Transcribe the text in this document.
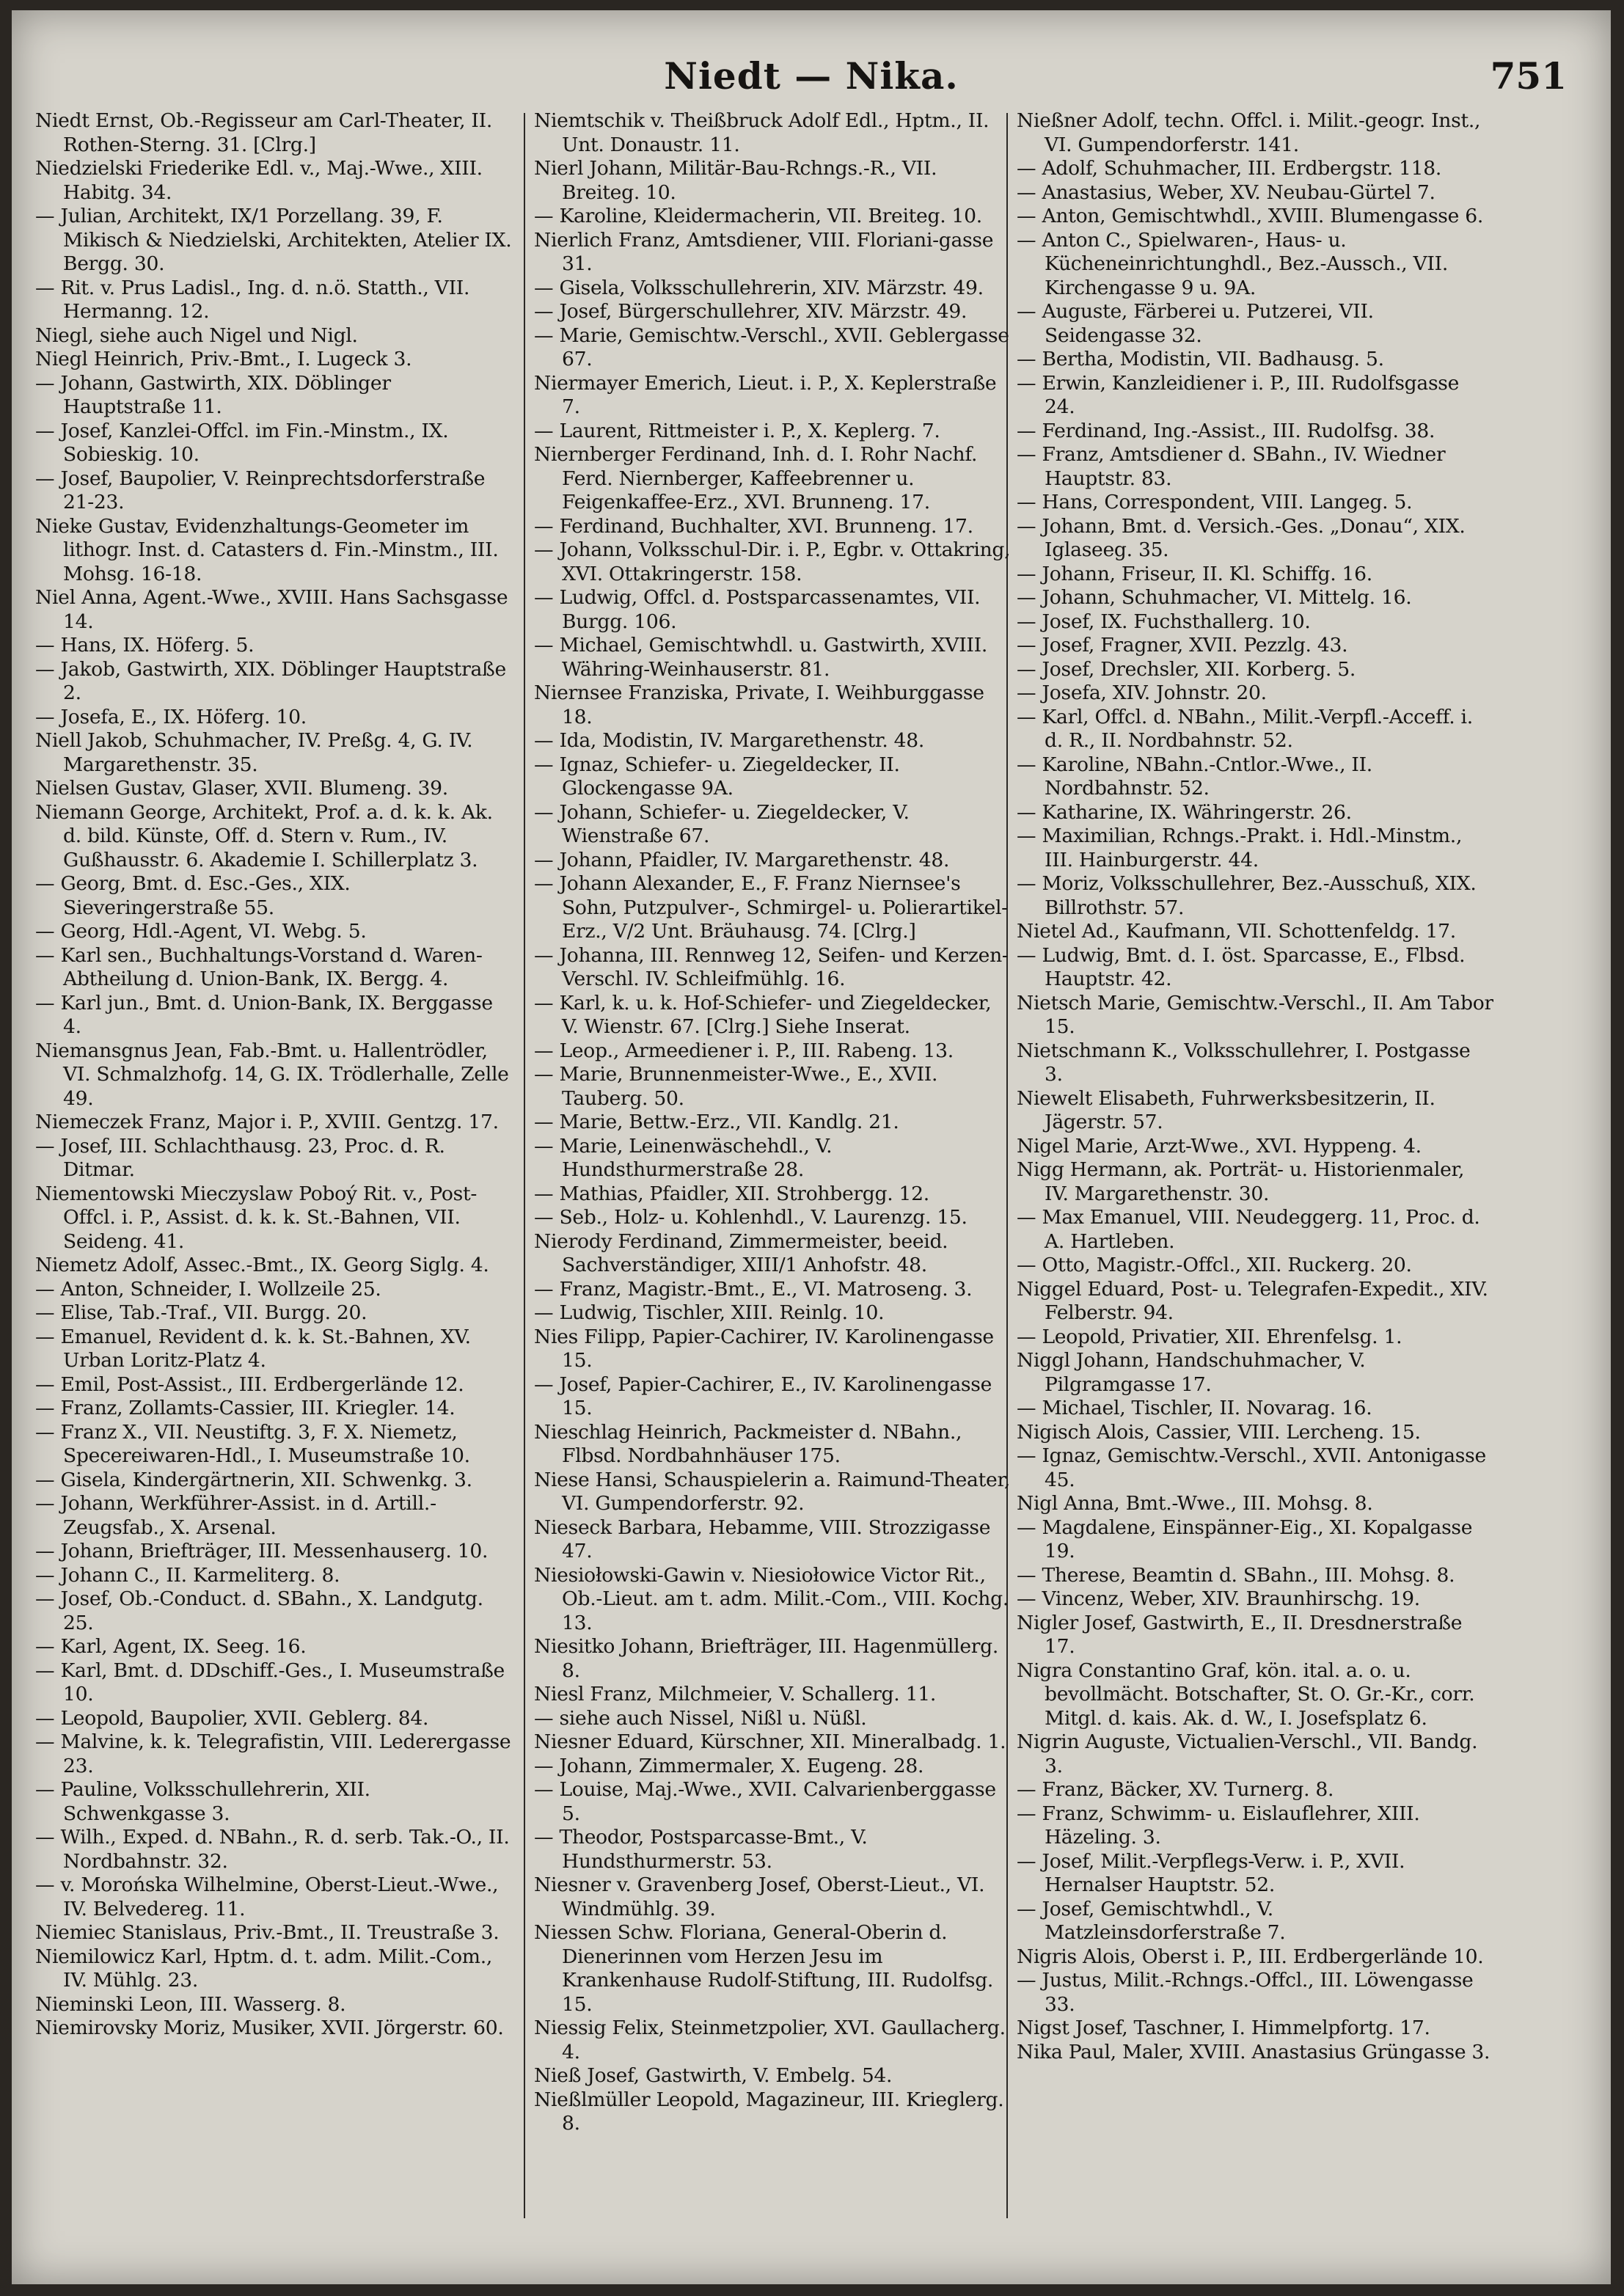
Niedt — Nika.	751

Niedt Ernst, Ob.-Regisseur am Carl-Theater, II. Rothen-Sterng. 31. [Clrg.]

Niedzielski Friederike Edl. v., Maj.-Wwe., XIII. Habitg. 34.

— Julian, Architekt, IX/1 Porzellang. 39, F. Mikisch & Niedzielski, Architekten, Atelier IX. Bergg. 30.

— Rit. v. Prus Ladisl., Ing. d. n.ö. Statth., VII. Hermanng. 12.

Niegl, siehe auch Nigel und Nigl.

Niegl Heinrich, Priv.-Bmt., I. Lugeck 3.

— Johann, Gastwirth, XIX. Döblinger Hauptstraße 11.

— Josef, Kanzlei-Offcl. im Fin.-Minstm., IX. Sobieskig. 10.

— Josef, Baupolier, V. Reinprechtsdorferstraße 21-23.

Nieke Gustav, Evidenzhaltungs-Geometer im lithogr. Inst. d. Catasters d. Fin.-Minstm., III. Mohsg. 16-18.

Niel Anna, Agent.-Wwe., XVIII. Hans Sachsgasse 14.

— Hans, IX. Höferg. 5.

— Jakob, Gastwirth, XIX. Döblinger Hauptstraße 2.

— Josefa, E., IX. Höferg. 10.

Niell Jakob, Schuhmacher, IV. Preßg. 4, G. IV. Margarethenstr. 35.

Nielsen Gustav, Glaser, XVII. Blumeng. 39.

Niemann George, Architekt, Prof. a. d. k. k. Ak. d. bild. Künste, Off. d. Stern v. Rum., IV. Gußhausstr. 6. Akademie I. Schillerplatz 3.

— Georg, Bmt. d. Esc.-Ges., XIX. Sieveringerstraße 55.

— Georg, Hdl.-Agent, VI. Webg. 5.

— Karl sen., Buchhaltungs-Vorstand d. Waren-Abtheilung d. Union-Bank, IX. Bergg. 4.

— Karl jun., Bmt. d. Union-Bank, IX. Berggasse 4.

Niemansgnus Jean, Fab.-Bmt. u. Hallentrödler, VI. Schmalzhofg. 14, G. IX. Trödlerhalle, Zelle 49.

Niemeczek Franz, Major i. P., XVIII. Gentzg. 17.

— Josef, III. Schlachthausg. 23, Proc. d. R. Ditmar.

Niementowski Mieczyslaw Poboý Rit. v., Post-Offcl. i. P., Assist. d. k. k. St.-Bahnen, VII. Seideng. 41.

Niemetz Adolf, Assec.-Bmt., IX. Georg Siglg. 4.

— Anton, Schneider, I. Wollzeile 25.

— Elise, Tab.-Traf., VII. Burgg. 20.

— Emanuel, Revident d. k. k. St.-Bahnen, XV. Urban Loritz-Platz 4.

— Emil, Post-Assist., III. Erdbergerlände 12.

— Franz, Zollamts-Cassier, III. Kriegler. 14.

— Franz X., VII. Neustiftg. 3, F. X. Niemetz, Specereiwaren-Hdl., I. Museumstraße 10.

— Gisela, Kindergärtnerin, XII. Schwenkg. 3.

— Johann, Werkführer-Assist. in d. Artill.-Zeugsfab., X. Arsenal.

— Johann, Briefträger, III. Messenhauserg. 10.

— Johann C., II. Karmeliterg. 8.

— Josef, Ob.-Conduct. d. SBahn., X. Landgutg. 25.

— Karl, Agent, IX. Seeg. 16.

— Karl, Bmt. d. DDschiff.-Ges., I. Museumstraße 10.

— Leopold, Baupolier, XVII. Geblerg. 84.

— Malvine, k. k. Telegrafistin, VIII. Lederergasse 23.

— Pauline, Volksschullehrerin, XII. Schwenkgasse 3.

— Wilh., Exped. d. NBahn., R. d. serb. Tak.-O., II. Nordbahnstr. 32.

— v. Morońska Wilhelmine, Oberst-Lieut.-Wwe., IV. Belvedereg. 11.

Niemiec Stanislaus, Priv.-Bmt., II. Treustraße 3.

Niemilowicz Karl, Hptm. d. t. adm. Milit.-Com., IV. Mühlg. 23.

Nieminski Leon, III. Wasserg. 8.

Niemirovsky Moriz, Musiker, XVII. Jörgerstr. 60.

Niemtschik v. Theißbruck Adolf Edl., Hptm., II. Unt. Donaustr. 11.

Nierl Johann, Militär-Bau-Rchngs.-R., VII. Breiteg. 10.

— Karoline, Kleidermacherin, VII. Breiteg. 10.

Nierlich Franz, Amtsdiener, VIII. Floriani-gasse 31.

— Gisela, Volksschullehrerin, XIV. Märzstr. 49.

— Josef, Bürgerschullehrer, XIV. Märzstr. 49.

— Marie, Gemischtw.-Verschl., XVII. Geblergasse 67.

Niermayer Emerich, Lieut. i. P., X. Keplerstraße 7.

— Laurent, Rittmeister i. P., X. Keplerg. 7.

Niernberger Ferdinand, Inh. d. I. Rohr Nachf. Ferd. Niernberger, Kaffeebrenner u. Feigenkaffee-Erz., XVI. Brunneng. 17.

— Ferdinand, Buchhalter, XVI. Brunneng. 17.

— Johann, Volksschul-Dir. i. P., Egbr. v. Ottakring, XVI. Ottakringerstr. 158.

— Ludwig, Offcl. d. Postsparcassenamtes, VII. Burgg. 106.

— Michael, Gemischtwhdl. u. Gastwirth, XVIII. Währing-Weinhauserstr. 81.

Niernsee Franziska, Private, I. Weihburggasse 18.

— Ida, Modistin, IV. Margarethenstr. 48.

— Ignaz, Schiefer- u. Ziegeldecker, II. Glockengasse 9A.

— Johann, Schiefer- u. Ziegeldecker, V. Wienstraße 67.

— Johann, Pfaidler, IV. Margarethenstr. 48.

— Johann Alexander, E., F. Franz Niernsee's Sohn, Putzpulver-, Schmirgel- u. Polierartikel-Erz., V/2 Unt. Bräuhausg. 74. [Clrg.]

— Johanna, III. Rennweg 12, Seifen- und Kerzen-Verschl. IV. Schleifmühlg. 16.

— Karl, k. u. k. Hof-Schiefer- und Ziegeldecker, V. Wienstr. 67. [Clrg.] Siehe Inserat.

— Leop., Armeediener i. P., III. Rabeng. 13.

— Marie, Brunnenmeister-Wwe., E., XVII. Tauberg. 50.

— Marie, Bettw.-Erz., VII. Kandlg. 21.

— Marie, Leinenwäschehdl., V. Hundsthurmerstraße 28.

— Mathias, Pfaidler, XII. Strohbergg. 12.

— Seb., Holz- u. Kohlenhdl., V. Laurenzg. 15.

Nierody Ferdinand, Zimmermeister, beeid. Sachverständiger, XIII/1 Anhofstr. 48.

— Franz, Magistr.-Bmt., E., VI. Matroseng. 3.

— Ludwig, Tischler, XIII. Reinlg. 10.

Nies Filipp, Papier-Cachirer, IV. Karolinengasse 15.

— Josef, Papier-Cachirer, E., IV. Karolinengasse 15.

Nieschlag Heinrich, Packmeister d. NBahn., Flbsd. Nordbahnhäuser 175.

Niese Hansi, Schauspielerin a. Raimund-Theater, VI. Gumpendorferstr. 92.

Nieseck Barbara, Hebamme, VIII. Strozzigasse 47.

Niesiołowski-Gawin v. Niesiołowice Victor Rit., Ob.-Lieut. am t. adm. Milit.-Com., VIII. Kochg. 13.

Niesitko Johann, Briefträger, III. Hagenmüllerg. 8.

Niesl Franz, Milchmeier, V. Schallerg. 11.

— siehe auch Nissel, Nißl u. Nüßl.

Niesner Eduard, Kürschner, XII. Mineralbadg. 1.

— Johann, Zimmermaler, X. Eugeng. 28.

— Louise, Maj.-Wwe., XVII. Calvarienberggasse 5.

— Theodor, Postsparcasse-Bmt., V. Hundsthurmerstr. 53.

Niesner v. Gravenberg Josef, Oberst-Lieut., VI. Windmühlg. 39.

Niessen Schw. Floriana, General-Oberin d. Dienerinnen vom Herzen Jesu im Krankenhause Rudolf-Stiftung, III. Rudolfsg. 15.

Niessig Felix, Steinmetzpolier, XVI. Gaullacherg. 4.

Nieß Josef, Gastwirth, V. Embelg. 54.

Nießlmüller Leopold, Magazineur, III. Krieglerg. 8.

Nießner Adolf, techn. Offcl. i. Milit.-geogr. Inst., VI. Gumpendorferstr. 141.

— Adolf, Schuhmacher, III. Erdbergstr. 118.

— Anastasius, Weber, XV. Neubau-Gürtel 7.

— Anton, Gemischtwhdl., XVIII. Blumengasse 6.

— Anton C., Spielwaren-, Haus- u. Kücheneinrichtunghdl., Bez.-Aussch., VII. Kirchengasse 9 u. 9A.

— Auguste, Färberei u. Putzerei, VII. Seidengasse 32.

— Bertha, Modistin, VII. Badhausg. 5.

— Erwin, Kanzleidiener i. P., III. Rudolfsgasse 24.

— Ferdinand, Ing.-Assist., III. Rudolfsg. 38.

— Franz, Amtsdiener d. SBahn., IV. Wiedner Hauptstr. 83.

— Hans, Correspondent, VIII. Langeg. 5.

— Johann, Bmt. d. Versich.-Ges. „Donau“, XIX. Iglaseeg. 35.

— Johann, Friseur, II. Kl. Schiffg. 16.

— Johann, Schuhmacher, VI. Mittelg. 16.

— Josef, IX. Fuchsthallerg. 10.

— Josef, Fragner, XVII. Pezzlg. 43.

— Josef, Drechsler, XII. Korberg. 5.

— Josefa, XIV. Johnstr. 20.

— Karl, Offcl. d. NBahn., Milit.-Verpfl.-Acceff. i. d. R., II. Nordbahnstr. 52.

— Karoline, NBahn.-Cntlor.-Wwe., II. Nordbahnstr. 52.

— Katharine, IX. Währingerstr. 26.

— Maximilian, Rchngs.-Prakt. i. Hdl.-Minstm., III. Hainburgerstr. 44.

— Moriz, Volksschullehrer, Bez.-Ausschuß, XIX. Billrothstr. 57.

Nietel Ad., Kaufmann, VII. Schottenfeldg. 17.

— Ludwig, Bmt. d. I. öst. Sparcasse, E., Flbsd. Hauptstr. 42.

Nietsch Marie, Gemischtw.-Verschl., II. Am Tabor 15.

Nietschmann K., Volksschullehrer, I. Postgasse 3.

Niewelt Elisabeth, Fuhrwerksbesitzerin, II. Jägerstr. 57.

Nigel Marie, Arzt-Wwe., XVI. Hyppeng. 4.

Nigg Hermann, ak. Porträt- u. Historienmaler, IV. Margarethenstr. 30.

— Max Emanuel, VIII. Neudeggerg. 11, Proc. d. A. Hartleben.

— Otto, Magistr.-Offcl., XII. Ruckerg. 20.

Niggel Eduard, Post- u. Telegrafen-Expedit., XIV. Felberstr. 94.

— Leopold, Privatier, XII. Ehrenfelsg. 1.

Niggl Johann, Handschuhmacher, V. Pilgramgasse 17.

— Michael, Tischler, II. Novarag. 16.

Nigisch Alois, Cassier, VIII. Lercheng. 15.

— Ignaz, Gemischtw.-Verschl., XVII. Antonigasse 45.

Nigl Anna, Bmt.-Wwe., III. Mohsg. 8.

— Magdalene, Einspänner-Eig., XI. Kopalgasse 19.

— Therese, Beamtin d. SBahn., III. Mohsg. 8.

— Vincenz, Weber, XIV. Braunhirschg. 19.

Nigler Josef, Gastwirth, E., II. Dresdnerstraße 17.

Nigra Constantino Graf, kön. ital. a. o. u. bevollmächt. Botschafter, St. O. Gr.-Kr., corr. Mitgl. d. kais. Ak. d. W., I. Josefsplatz 6.

Nigrin Auguste, Victualien-Verschl., VII. Bandg. 3.

— Franz, Bäcker, XV. Turnerg. 8.

— Franz, Schwimm- u. Eislauflehrer, XIII. Häzeling. 3.

— Josef, Milit.-Verpflegs-Verw. i. P., XVII. Hernalser Hauptstr. 52.

— Josef, Gemischtwhdl., V. Matzleinsdorferstraße 7.

Nigris Alois, Oberst i. P., III. Erdbergerlände 10.

— Justus, Milit.-Rchngs.-Offcl., III. Löwengasse 33.

Nigst Josef, Taschner, I. Himmelpfortg. 17.

Nika Paul, Maler, XVIII. Anastasius Grüngasse 3.
